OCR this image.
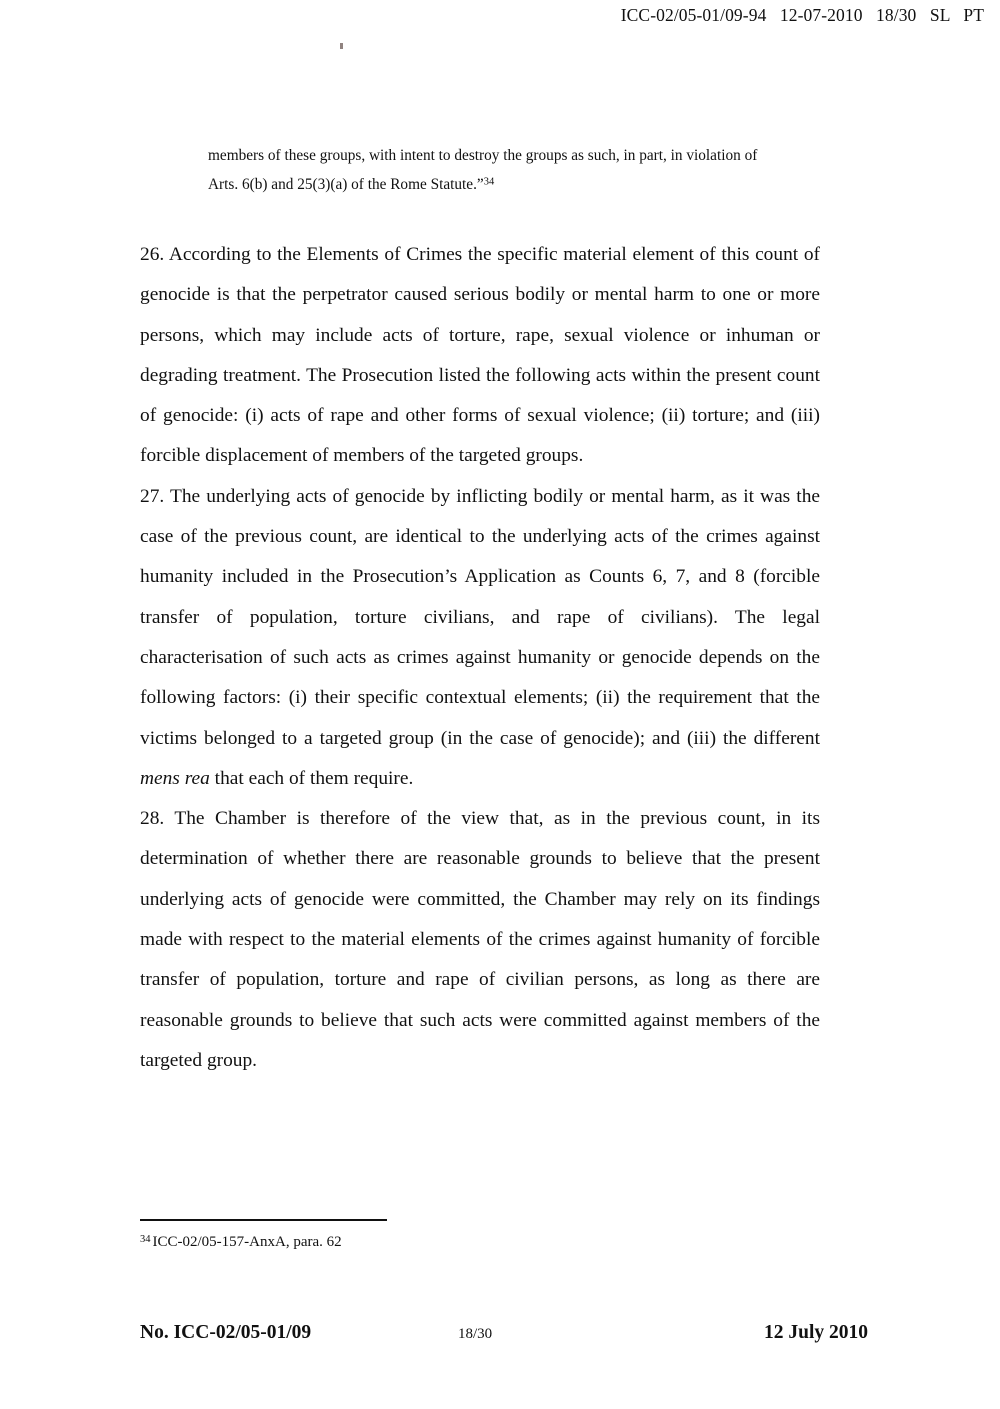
ICC-02/05-01/09-94 12-07-2010 18/30 SL PT
members of these groups, with intent to destroy the groups as such, in part, in violation of Arts. 6(b) and 25(3)(a) of the Rome Statute.”$^{34}$

26. According to the Elements of Crimes the specific material element of this count of genocide is that the perpetrator caused serious bodily or mental harm to one or more persons, which may include acts of torture, rape, sexual violence or inhuman or degrading treatment. The Prosecution listed the following acts within the present count of genocide: (i) acts of rape and other forms of sexual violence; (ii) torture; and (iii) forcible displacement of members of the targeted groups.

27. The underlying acts of genocide by inflicting bodily or mental harm, as it was the case of the previous count, are identical to the underlying acts of the crimes against humanity included in the Prosecution’s Application as Counts 6, 7, and 8 (forcible transfer of population, torture civilians, and rape of civilians). The legal characterisation of such acts as crimes against humanity or genocide depends on the following factors: (i) their specific contextual elements; (ii) the requirement that the victims belonged to a targeted group (in the case of genocide); and (iii) the different mens rea that each of them require.

28. The Chamber is therefore of the view that, as in the previous count, in its determination of whether there are reasonable grounds to believe that the present underlying acts of genocide were committed, the Chamber may rely on its findings made with respect to the material elements of the crimes against humanity of forcible transfer of population, torture and rape of civilian persons, as long as there are reasonable grounds to believe that such acts were committed against members of the targeted group.

$^{34}$ ICC-02/05-157-AnxA, para. 62
No. ICC-02/05-01/09	18/30	12 July 2010
